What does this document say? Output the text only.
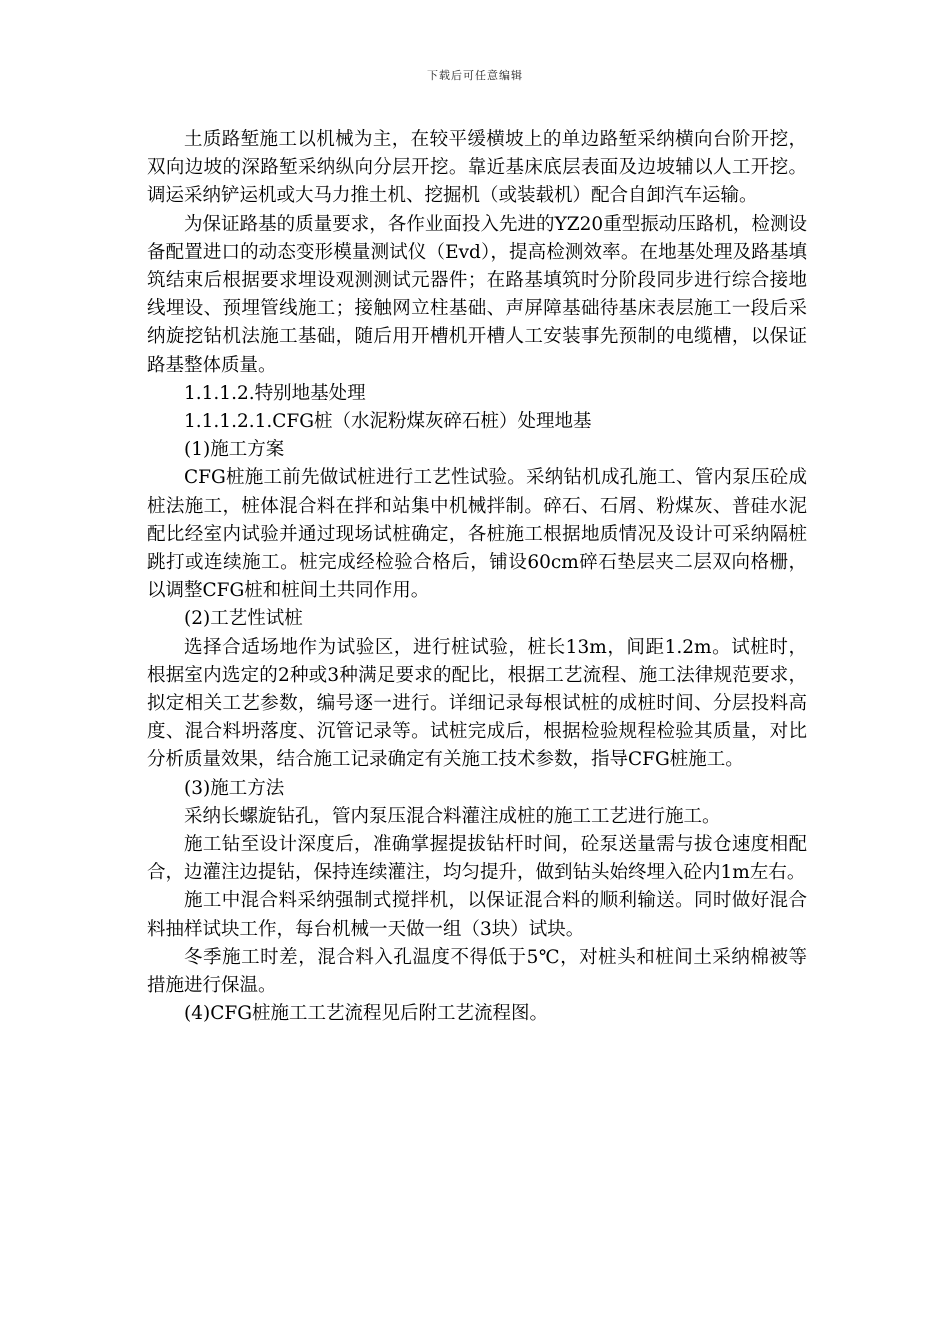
下载后可任意编辑

土质路堑施工以机械为主，在较平缓横坡上的单边路堑采纳横向台阶开挖，双向边坡的深路堑采纳纵向分层开挖。靠近基床底层表面及边坡辅以人工开挖。调运采纳铲运机或大马力推土机、挖掘机（或装载机）配合自卸汽车运输。

为保证路基的质量要求，各作业面投入先进的YZ20重型振动压路机，检测设备配置进口的动态变形模量测试仪（Evd），提高检测效率。在地基处理及路基填筑结束后根据要求埋设观测测试元器件；在路基填筑时分阶段同步进行综合接地线埋设、预埋管线施工；接触网立柱基础、声屏障基础待基床表层施工一段后采纳旋挖钻机法施工基础，随后用开槽机开槽人工安装事先预制的电缆槽，以保证路基整体质量。

1.1.1.2.特别地基处理

1.1.1.2.1.CFG桩（水泥粉煤灰碎石桩）处理地基

(1)施工方案

CFG桩施工前先做试桩进行工艺性试验。采纳钻机成孔施工、管内泵压砼成桩法施工，桩体混合料在拌和站集中机械拌制。碎石、石屑、粉煤灰、普硅水泥配比经室内试验并通过现场试桩确定，各桩施工根据地质情况及设计可采纳隔桩跳打或连续施工。桩完成经检验合格后，铺设60cm碎石垫层夹二层双向格栅，以调整CFG桩和桩间土共同作用。

(2)工艺性试桩

选择合适场地作为试验区，进行桩试验，桩长13m，间距1.2m。试桩时，根据室内选定的2种或3种满足要求的配比，根据工艺流程、施工法律规范要求，拟定相关工艺参数，编号逐一进行。详细记录每根试桩的成桩时间、分层投料高度、混合料坍落度、沉管记录等。试桩完成后，根据检验规程检验其质量，对比分析质量效果，结合施工记录确定有关施工技术参数，指导CFG桩施工。

(3)施工方法

采纳长螺旋钻孔，管内泵压混合料灌注成桩的施工工艺进行施工。

施工钻至设计深度后，准确掌握提拔钻杆时间，砼泵送量需与拔仓速度相配合，边灌注边提钻，保持连续灌注，均匀提升，做到钻头始终埋入砼内1m左右。

施工中混合料采纳强制式搅拌机，以保证混合料的顺利输送。同时做好混合料抽样试块工作，每台机械一天做一组（3块）试块。

冬季施工时差，混合料入孔温度不得低于5℃，对桩头和桩间土采纳棉被等措施进行保温。

(4)CFG桩施工工艺流程见后附工艺流程图。
